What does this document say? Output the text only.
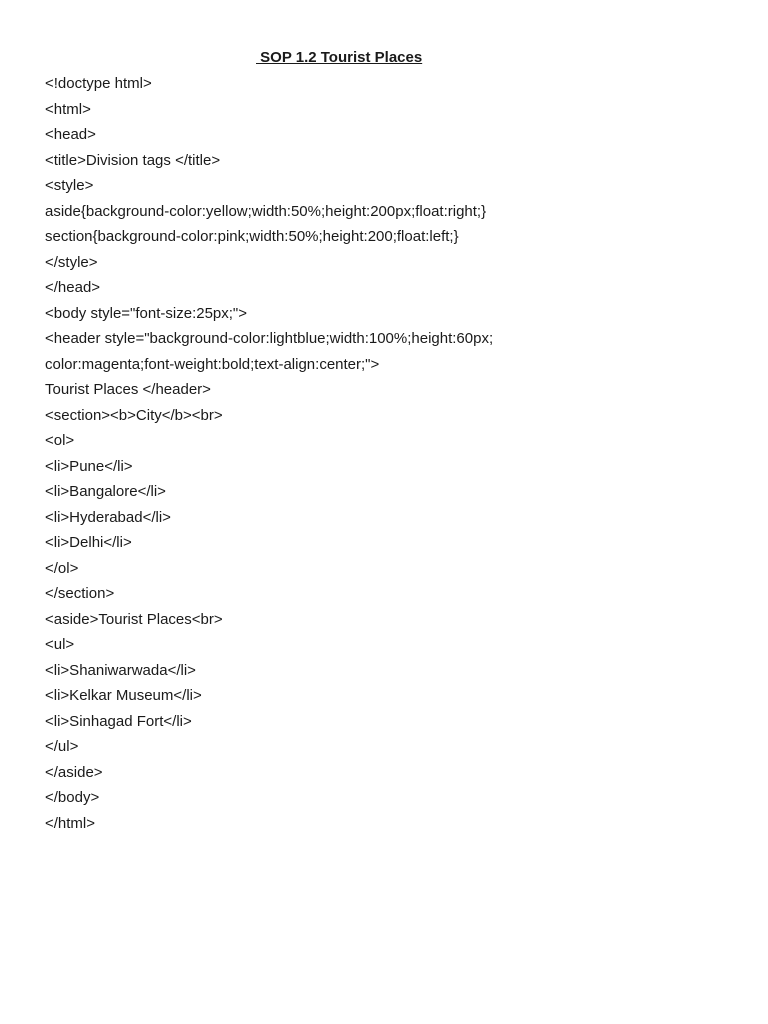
SOP 1.2 Tourist Places
<!doctype html>
<html>
<head>
<title>Division tags </title>
<style>
aside{background-color:yellow;width:50%;height:200px;float:right;}
section{background-color:pink;width:50%;height:200;float:left;}
</style>
</head>
<body style="font-size:25px;">
<header style="background-color:lightblue;width:100%;height:60px;
color:magenta;font-weight:bold;text-align:center;">
Tourist Places </header>
<section><b>City</b><br>
<ol>
<li>Pune</li>
<li>Bangalore</li>
<li>Hyderabad</li>
<li>Delhi</li>
</ol>
</section>
<aside>Tourist Places<br>
<ul>
<li>Shaniwarwada</li>
<li>Kelkar Museum</li>
<li>Sinhagad Fort</li>
</ul>
</aside>
</body>
</html>
